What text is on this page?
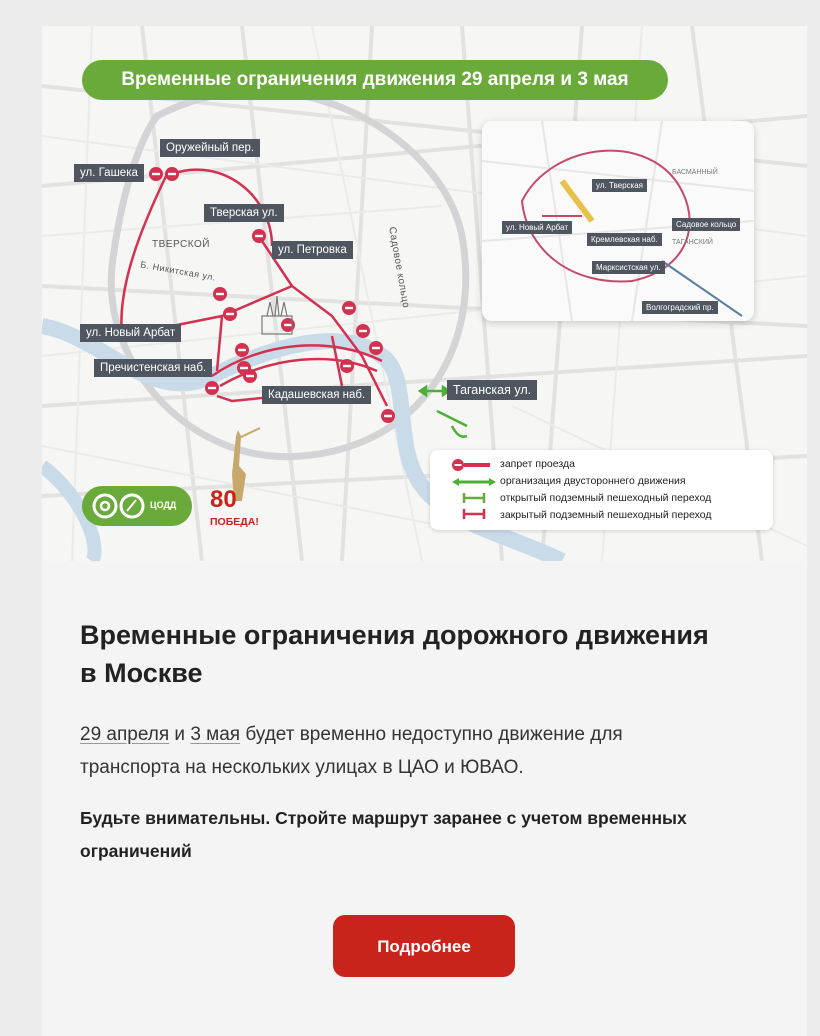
Временные ограничения движения 29 апреля и 3 мая
Оружейный пер.
ул. Гашека
Тверская ул.
ул. Петровка
ул. Новый Арбат
Пречистенская наб.
Кадашевская наб.	Таганская ул.
ТВЕРСКОЙ
Б. Никитская ул.	Садовое кольцо
ул. Тверская
ул. Новый Арбат
Кремлевская наб.
Марксистская ул.
Волгоградский пр.
Садовое кольцо
БАСМАННЫЙ
ТАГАНСКИЙ
запрет проезда
организация двустороннего движения
открытый подземный пешеходный переход
закрытый подземный пешеходный переход
ЦОДД 80
ПОБЕДА!
Временные ограничения дорожного движения в Москве
29 апреля и 3 мая будет временно недоступно движение для транспорта на нескольких улицах в ЦАО и ЮВАО.
Будьте внимательны. Стройте маршрут заранее с учетом временных ограничений
Подробнее
